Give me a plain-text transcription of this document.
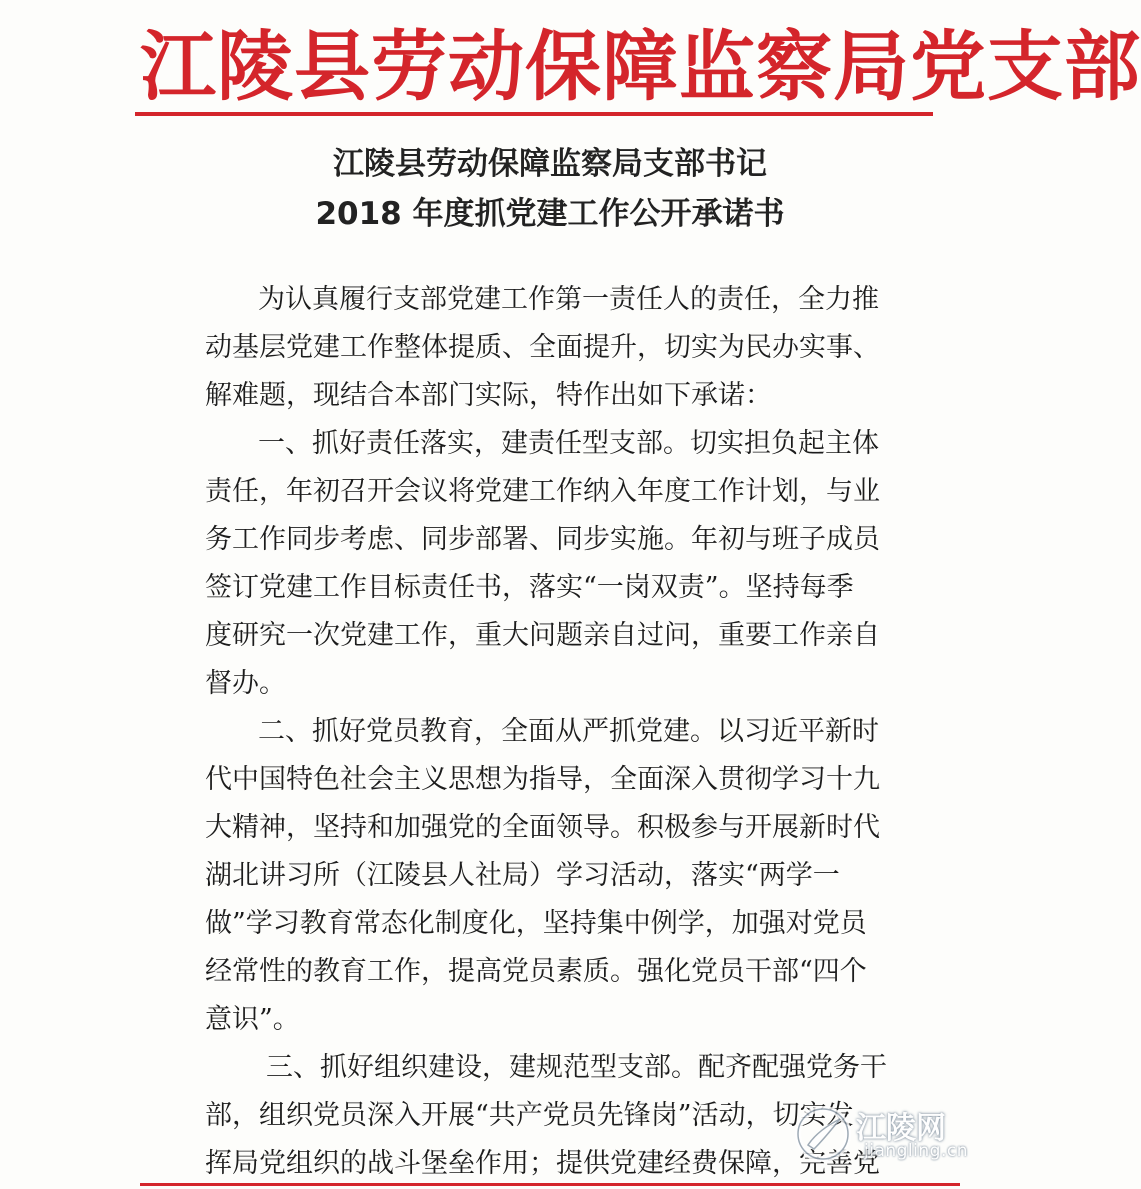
江陵县劳动保障监察局党支部
江陵县劳动保障监察局支部书记
2018 年度抓党建工作公开承诺书
为认真履行支部党建工作第一责任人的责任，全力推
动基层党建工作整体提质、全面提升，切实为民办实事、
解难题，现结合本部门实际，特作出如下承诺：
一、抓好责任落实，建责任型支部。切实担负起主体
责任，年初召开会议将党建工作纳入年度工作计划，与业
务工作同步考虑、同步部署、同步实施。年初与班子成员
签订党建工作目标责任书，落实“一岗双责”。坚持每季
度研究一次党建工作，重大问题亲自过问，重要工作亲自
督办。
二、抓好党员教育，全面从严抓党建。以习近平新时
代中国特色社会主义思想为指导，全面深入贯彻学习十九
大精神，坚持和加强党的全面领导。积极参与开展新时代
湖北讲习所（江陵县人社局）学习活动，落实“两学一
做”学习教育常态化制度化，坚持集中例学，加强对党员
经常性的教育工作，提高党员素质。强化党员干部“四个
意识”。
三、抓好组织建设，建规范型支部。配齐配强党务干
部，组织党员深入开展“共产党员先锋岗”活动，切实发
挥局党组织的战斗堡垒作用；提供党建经费保障，完善党
江陵网
jiangling.cn
